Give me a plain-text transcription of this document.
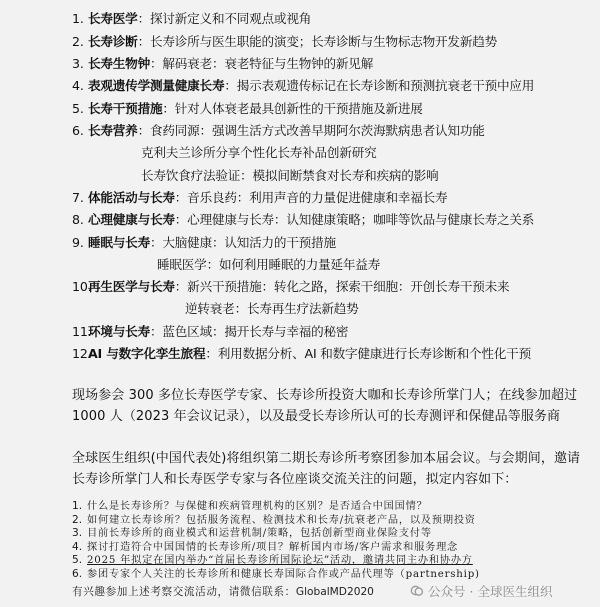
1. 长寿医学：探讨新定义和不同观点或视角
2. 长寿诊断：长寿诊所与医生职能的演变；长寿诊断与生物标志物开发新趋势
3. 长寿生物钟：解码衰老：衰老特征与生物钟的新见解
4. 表观遗传学测量健康长寿：揭示表观遗传标记在长寿诊断和预测抗衰老干预中应用
5. 长寿干预措施：针对人体衰老最具创新性的干预措施及新进展
6. 长寿营养：食药同源：强调生活方式改善早期阿尔茨海默病患者认知功能
克利夫兰诊所分享个性化长寿补品创新研究
长寿饮食疗法验证：模拟间断禁食对长寿和疾病的影响
7. 体能活动与长寿：音乐良药：利用声音的力量促进健康和幸福长寿
8. 心理健康与长寿：心理健康与长寿：认知健康策略；咖啡等饮品与健康长寿之关系
9. 睡眠与长寿：大脑健康：认知活力的干预措施
睡眠医学：如何利用睡眠的力量延年益寿
10.再生医学与长寿：新兴干预措施：转化之路，探索干细胞：开创长寿干预未来
逆转衰老：长寿再生疗法新趋势
11.环境与长寿：蓝色区域：揭开长寿与幸福的秘密
12.AI 与数字化孪生旅程：利用数据分析、AI 和数字健康进行长寿诊断和个性化干预
现场参会 300 多位长寿医学专家、长寿诊所投资大咖和长寿诊所掌门人；在线参加超过
1000 人（2023 年会议记录），以及最受长寿诊所认可的长寿测评和保健品等服务商
全球医生组织(中国代表处)将组织第二期长寿诊所考察团参加本届会议。与会期间，邀请
长寿诊所掌门人和长寿医学专家与各位座谈交流关注的问题，拟定内容如下：
1. 什么是长寿诊所？与保健和疾病管理机构的区别？是否适合中国国情？
2. 如何建立长寿诊所？包括服务流程、检测技术和长寿/抗衰老产品，以及预期投资
3. 目前长寿诊所的商业模式和运营机制/策略，包括创新型商业保险支付等
4. 探讨打造符合中国国情的长寿诊所/项目？解析国内市场/客户需求和服务理念
5. 2025 年拟定在国内举办“首届长寿诊所国际论坛”活动，邀请共同主办和协办方
6. 参团专家个人关注的长寿诊所和健康长寿国际合作或产品代理等（partnership)
有兴趣参加上述考察交流活动，请微信联系：GlobalMD2020	公众号 · 全球医生组织
